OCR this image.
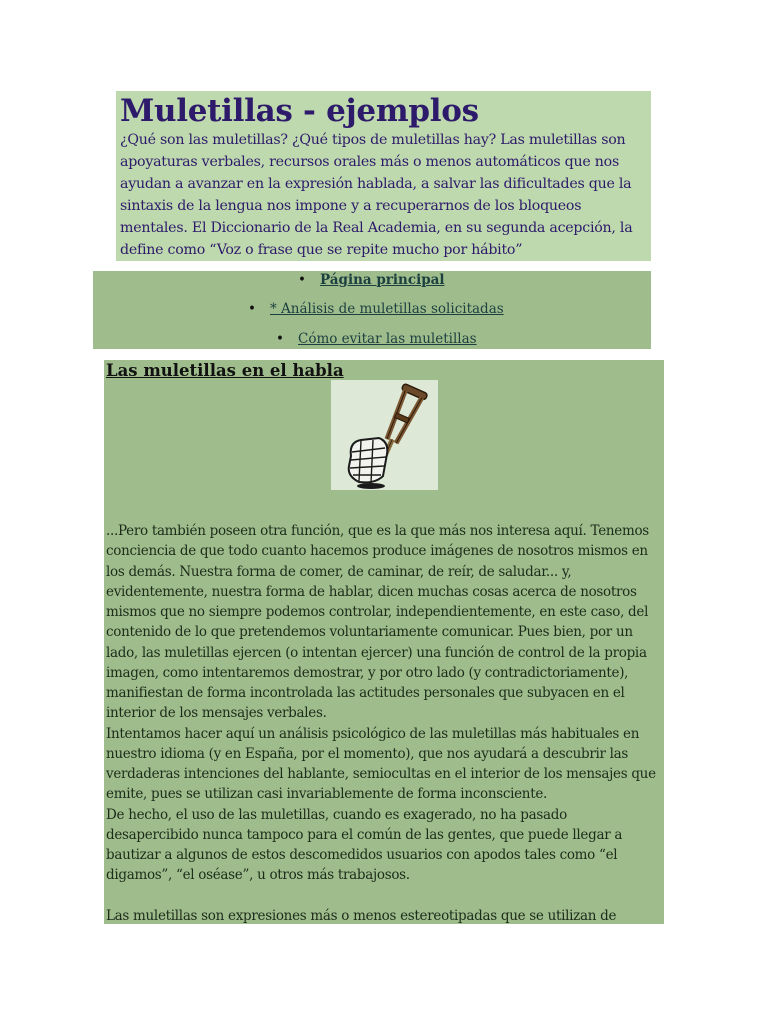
Muletillas - ejemplos

¿Qué son las muletillas? ¿Qué tipos de muletillas hay? Las muletillas son apoyaturas verbales, recursos orales más o menos automáticos que nos ayudan a avanzar en la expresión hablada, a salvar las dificultades que la sintaxis de la lengua nos impone y a recuperarnos de los bloqueos mentales. El Diccionario de la Real Academia, en su segunda acepción, la define como “Voz o frase que se repite mucho por hábito”

• Página principal
• * Análisis de muletillas solicitadas
• Cómo evitar las muletillas
Las muletillas en el habla

...Pero también poseen otra función, que es la que más nos interesa aquí. Tenemos conciencia de que todo cuanto hacemos produce imágenes de nosotros mismos en los demás. Nuestra forma de comer, de caminar, de reír, de saludar... y, evidentemente, nuestra forma de hablar, dicen muchas cosas acerca de nosotros mismos que no siempre podemos controlar, independientemente, en este caso, del contenido de lo que pretendemos voluntariamente comunicar. Pues bien, por un lado, las muletillas ejercen (o intentan ejercer) una función de control de la propia imagen, como intentaremos demostrar, y por otro lado (y contradictoriamente), manifiestan de forma incontrolada las actitudes personales que subyacen en el interior de los mensajes verbales.

Intentamos hacer aquí un análisis psicológico de las muletillas más habituales en nuestro idioma (y en España, por el momento), que nos ayudará a descubrir las verdaderas intenciones del hablante, semiocultas en el interior de los mensajes que emite, pues se utilizan casi invariablemente de forma inconsciente.

De hecho, el uso de las muletillas, cuando es exagerado, no ha pasado desapercibido nunca tampoco para el común de las gentes, que puede llegar a bautizar a algunos de estos descomedidos usuarios con apodos tales como “el digamos”, “el oséase”, u otros más trabajosos.

Las muletillas son expresiones más o menos estereotipadas que se utilizan de
